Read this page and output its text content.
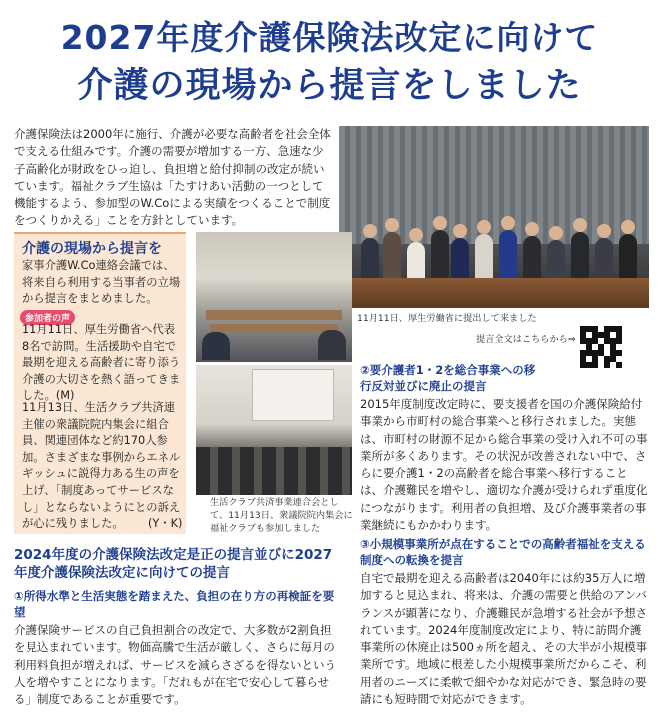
2027年度介護保険法改定に向けて
介護の現場から提言をしました
介護保険法は2000年に施行、介護が必要な高齢者を社会全体で支える仕組みです。介護の需要が増加する一方、急速な少子高齢化が財政をひっ迫し、負担増と給付抑制の改定が続いています。福祉クラブ生協は「たすけあい活動の一つとして機能するよう、参加型のW.Coによる実績をつくることで制度をつくりかえる」ことを方針としています。
11月11日、厚生労働省に提出して来ました
提言全文はこちらから⇒
介護の現場から提言を
家事介護W.Co連絡会議では、将来自ら利用する当事者の立場から提言をまとめました。
参加者の声
11月11日、厚生労働省へ代表8名で訪問。生活援助や自宅で最期を迎える高齢者に寄り添う介護の大切さを熱く語ってきました。(M)
11月13日、生活クラブ共済連主催の衆議院院内集会に組合員、関連団体など約170人参加。さまざまな事例からエネルギッシュに説得力ある生の声を上げ、「制度あってサービスなし」とならないようにとの訴えが心に残りました。	(Y・K)
生活クラブ共済事業連合会として、11月13日、衆議院院内集会に福祉クラブも参加しました
2024年度の介護保険法改定是正の提言並びに2027年度介護保険法改定に向けての提言
①所得水準と生活実態を踏まえた、負担の在り方の再検証を要望
介護保険サービスの自己負担割合の改定で、大多数が2割負担を見込まれています。物価高騰で生活が厳しく、さらに毎月の利用料負担が増えれば、サービスを減らさざるを得ないという人を増やすことになります。「だれもが在宅で安心して暮らせる」制度であることが重要です。
②要介護者1・2を総合事業への移行反対並びに廃止の提言
2015年度制度改定時に、要支援者を国の介護保険給付事業から市町村の総合事業へと移行されました。実態は、市町村の財源不足から総合事業の受け入れ不可の事業所が多くあります。その状況が改善されない中で、さらに要介護1・2の高齢者を総合事業へ移行することは、介護難民を増やし、適切な介護が受けられず重度化につながります。利用者の負担増、及び介護事業者の事業継続にもかかわります。
③小規模事業所が点在することでの高齢者福祉を支える制度への転換を提言
自宅で最期を迎える高齢者は2040年には約35万人に増加すると見込まれ、将来は、介護の需要と供給のアンバランスが顕著になり、介護難民が急増する社会が予想されています。2024年度制度改定により、特に訪問介護事業所の休廃止は500ヵ所を超え、その大半が小規模事業所です。地域に根差した小規模事業所だからこそ、利用者のニーズに柔軟で細やかな対応ができ、緊急時の要請にも短時間で対応ができます。
